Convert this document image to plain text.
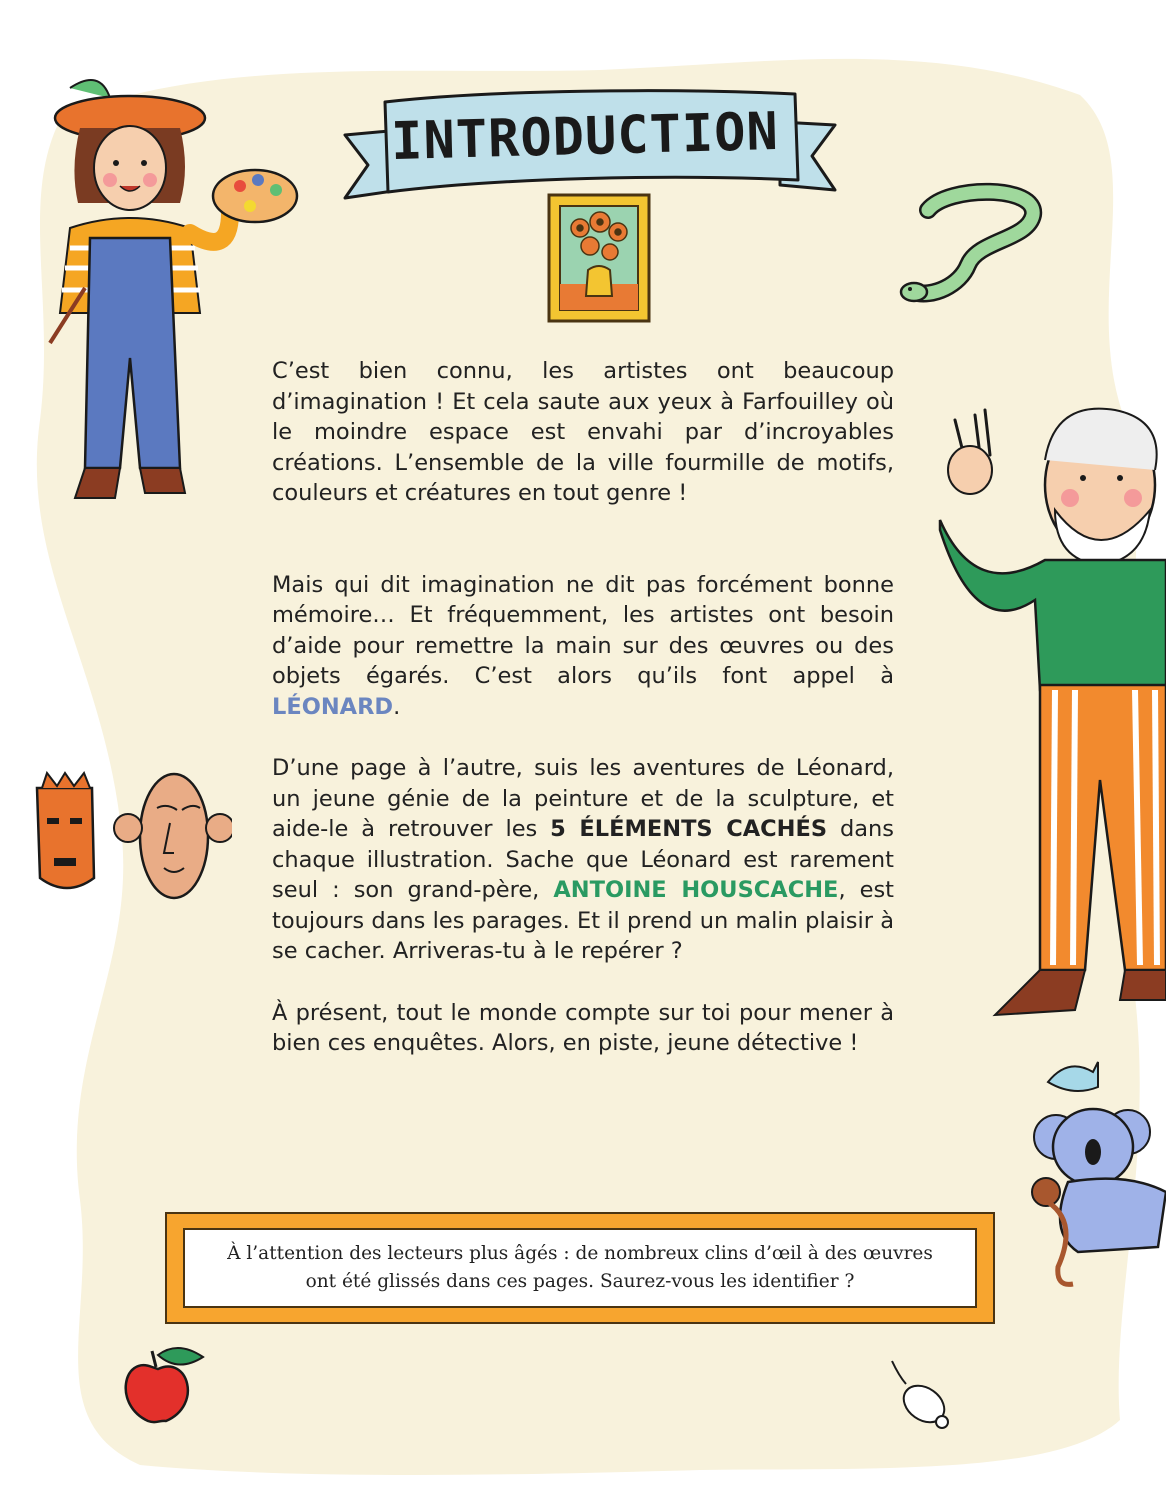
INTRODUCTION

C’est bien connu, les artistes ont beaucoup d’imagination ! Et cela saute aux yeux à Farfouilley où le moindre espace est envahi par d’incroyables créations. L’ensemble de la ville fourmille de motifs, couleurs et créatures en tout genre !

Mais qui dit imagination ne dit pas forcément bonne mémoire… Et fréquemment, les artistes ont besoin d’aide pour remettre la main sur des œuvres ou des objets égarés. C’est alors qu’ils font appel à LÉONARD.

D’une page à l’autre, suis les aventures de Léonard, un jeune génie de la peinture et de la sculpture, et aide-le à retrouver les 5 ÉLÉMENTS CACHÉS dans chaque illustration. Sache que Léonard est rarement seul : son grand-père, ANTOINE HOUSCACHE, est toujours dans les parages. Et il prend un malin plaisir à se cacher. Arriveras-tu à le repérer ?

À présent, tout le monde compte sur toi pour mener à bien ces enquêtes. Alors, en piste, jeune détective !

À l’attention des lecteurs plus âgés : de nombreux clins d’œil à des œuvres
ont été glissés dans ces pages. Saurez-vous les identifier ?
